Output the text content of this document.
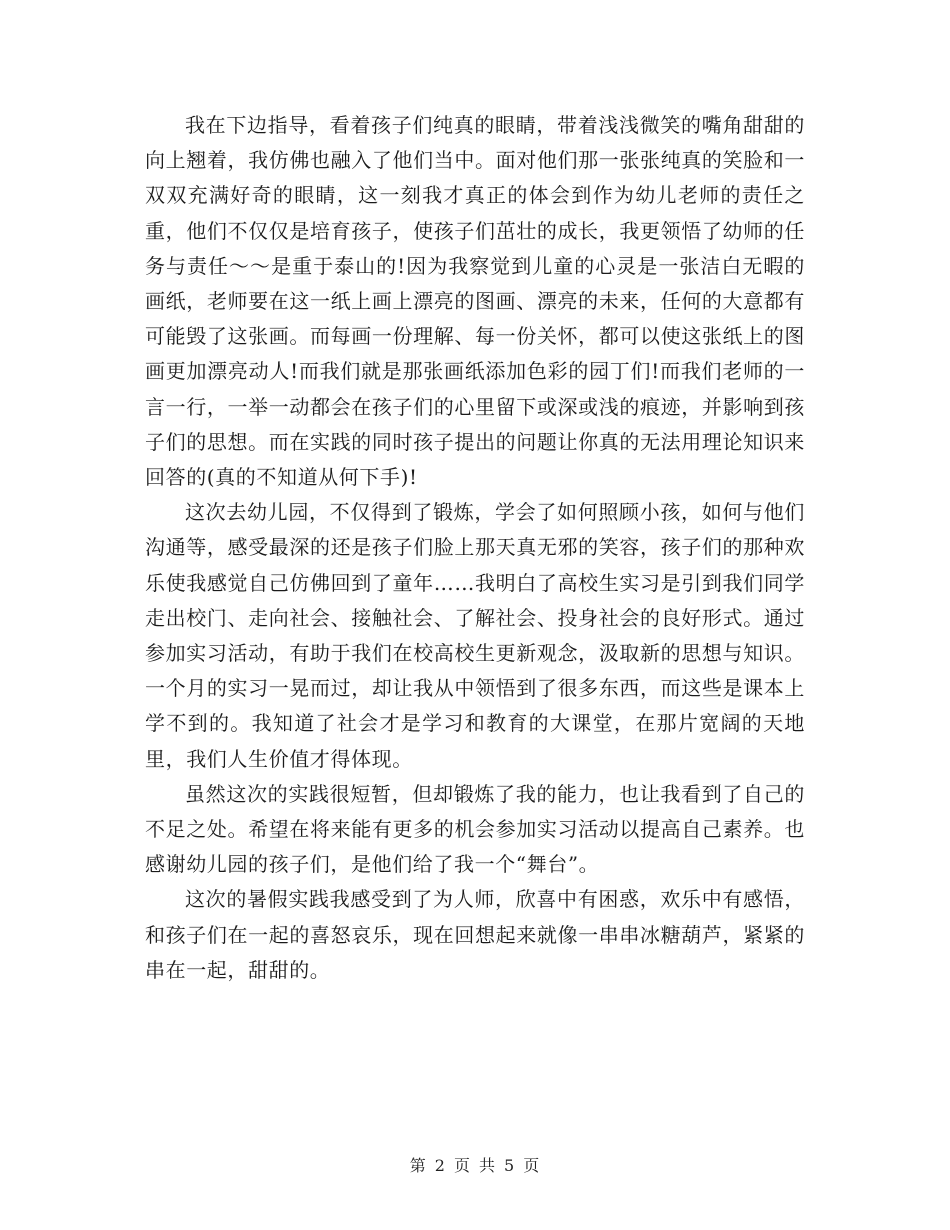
我在下边指导，看着孩子们纯真的眼睛，带着浅浅微笑的嘴角甜甜的向上翘着，我仿佛也融入了他们当中。面对他们那一张张纯真的笑脸和一双双充满好奇的眼睛，这一刻我才真正的体会到作为幼儿老师的责任之重，他们不仅仅是培育孩子，使孩子们茁壮的成长，我更领悟了幼师的任务与责任～～是重于泰山的!因为我察觉到儿童的心灵是一张洁白无暇的画纸，老师要在这一纸上画上漂亮的图画、漂亮的未来，任何的大意都有可能毁了这张画。而每画一份理解、每一份关怀，都可以使这张纸上的图画更加漂亮动人!而我们就是那张画纸添加色彩的园丁们!而我们老师的一言一行，一举一动都会在孩子们的心里留下或深或浅的痕迹，并影响到孩子们的思想。而在实践的同时孩子提出的问题让你真的无法用理论知识来回答的(真的不知道从何下手)!

这次去幼儿园，不仅得到了锻炼，学会了如何照顾小孩，如何与他们沟通等，感受最深的还是孩子们脸上那天真无邪的笑容，孩子们的那种欢乐使我感觉自己仿佛回到了童年……我明白了高校生实习是引到我们同学走出校门、走向社会、接触社会、了解社会、投身社会的良好形式。通过参加实习活动，有助于我们在校高校生更新观念，汲取新的思想与知识。一个月的实习一晃而过，却让我从中领悟到了很多东西，而这些是课本上学不到的。我知道了社会才是学习和教育的大课堂，在那片宽阔的天地里，我们人生价值才得体现。

虽然这次的实践很短暂，但却锻炼了我的能力，也让我看到了自己的不足之处。希望在将来能有更多的机会参加实习活动以提高自己素养。也感谢幼儿园的孩子们，是他们给了我一个“舞台”。

这次的暑假实践我感受到了为人师，欣喜中有困惑，欢乐中有感悟，和孩子们在一起的喜怒哀乐，现在回想起来就像一串串冰糖葫芦，紧紧的串在一起，甜甜的。

第 2 页 共 5 页
